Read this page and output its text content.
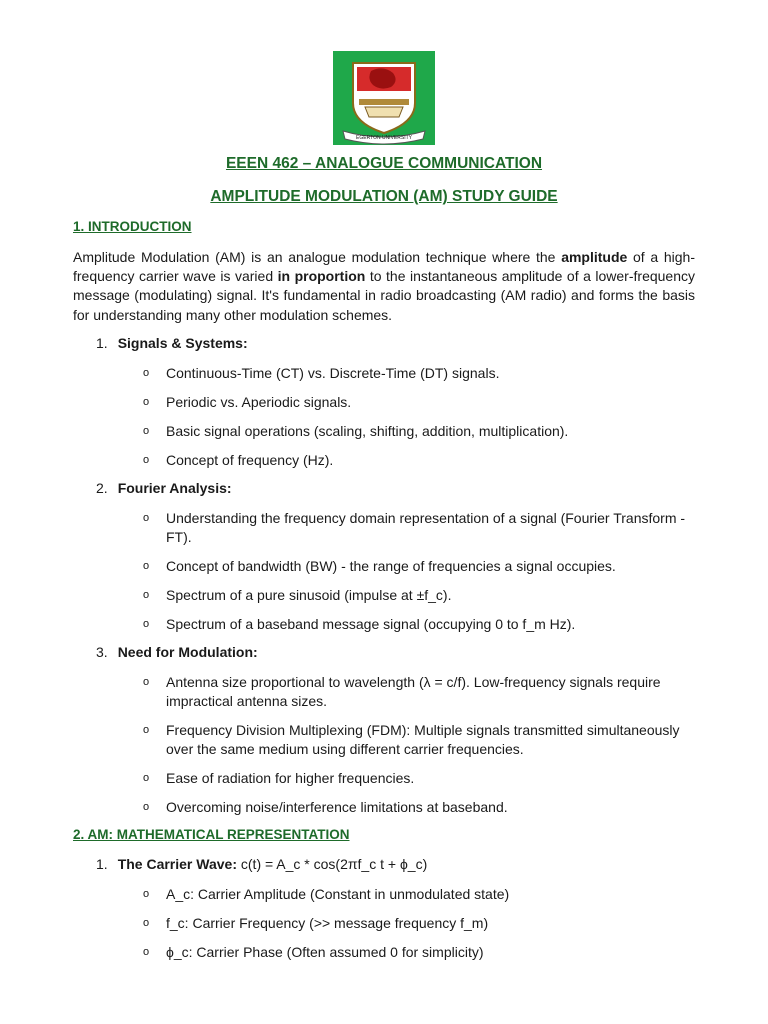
EGERTON UNIVERSITY
EEEN 462 – ANALOGUE COMMUNICATION
AMPLITUDE MODULATION (AM) STUDY GUIDE
1. INTRODUCTION
Amplitude Modulation (AM) is an analogue modulation technique where the amplitude of a high-frequency carrier wave is varied in proportion to the instantaneous amplitude of a lower-frequency message (modulating) signal. It's fundamental in radio broadcasting (AM radio) and forms the basis for understanding many other modulation schemes.
1. Signals & Systems:
o Continuous-Time (CT) vs. Discrete-Time (DT) signals.
o Periodic vs. Aperiodic signals.
o Basic signal operations (scaling, shifting, addition, multiplication).
o Concept of frequency (Hz).
2. Fourier Analysis:
o Understanding the frequency domain representation of a signal (Fourier Transform - FT).
o Concept of bandwidth (BW) - the range of frequencies a signal occupies.
o Spectrum of a pure sinusoid (impulse at ±f_c).
o Spectrum of a baseband message signal (occupying 0 to f_m Hz).
3. Need for Modulation:
o Antenna size proportional to wavelength (λ = c/f). Low-frequency signals require impractical antenna sizes.
o Frequency Division Multiplexing (FDM): Multiple signals transmitted simultaneously over the same medium using different carrier frequencies.
o Ease of radiation for higher frequencies.
o Overcoming noise/interference limitations at baseband.
2. AM: MATHEMATICAL REPRESENTATION
1. The Carrier Wave: c(t) = A_c * cos(2πf_c t + ϕ_c)
o A_c: Carrier Amplitude (Constant in unmodulated state)
o f_c: Carrier Frequency (>> message frequency f_m)
o ϕ_c: Carrier Phase (Often assumed 0 for simplicity)
